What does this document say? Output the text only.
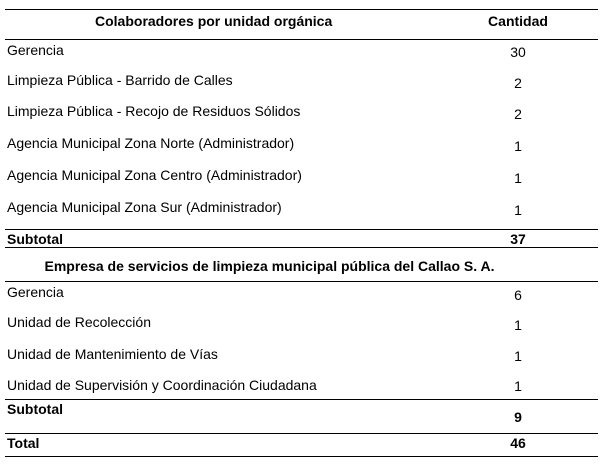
Colaboradores por unidad orgánica	Cantidad
Gerencia	30
Limpieza Pública - Barrido de Calles	2
Limpieza Pública - Recojo de Residuos Sólidos	2
Agencia Municipal Zona Norte (Administrador)	1
Agencia Municipal Zona Centro (Administrador)	1
Agencia Municipal Zona Sur (Administrador)	1
Subtotal	37
Empresa de servicios de limpieza municipal pública del Callao S. A.
Gerencia	6
Unidad de Recolección	1
Unidad de Mantenimiento de Vías	1
Unidad de Supervisión y Coordinación Ciudadana	1
Subtotal	9
Total	46
